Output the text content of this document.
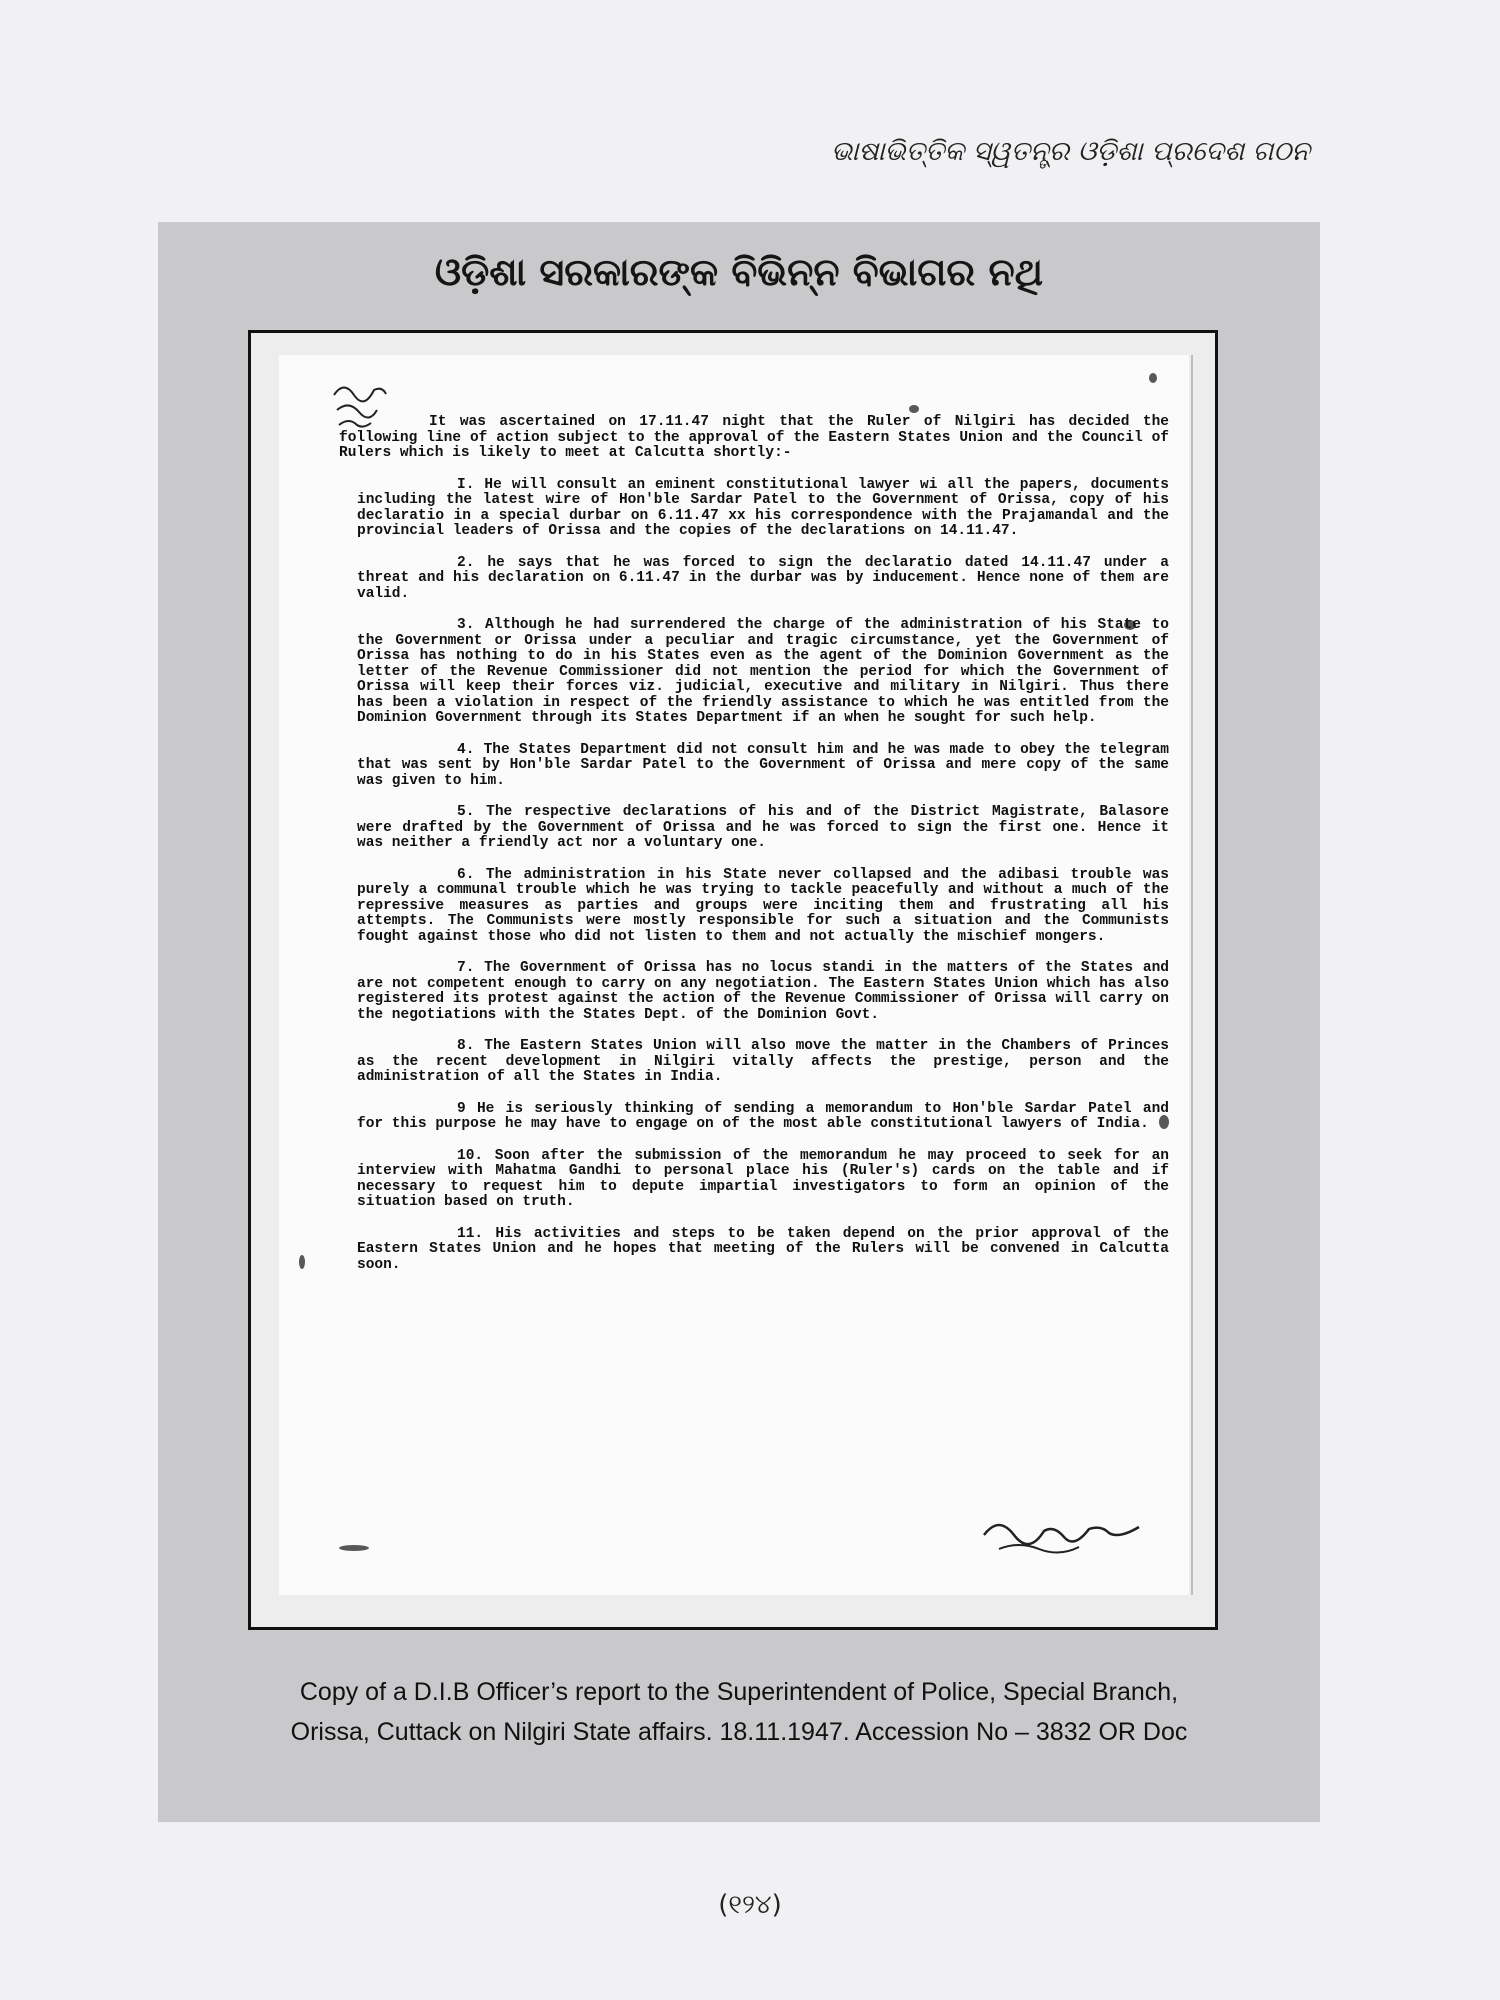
ଭାଷାଭିତ୍ତିକ ସ୍ୱତନ୍ତ୍ର ଓଡ଼ିଶା ପ୍ରଦେଶ ଗଠନ
ଓଡ଼ିଶା ସରକାରଙ୍କ ବିଭିନ୍ନ ବିଭାଗର ନଥି

It was ascertained on 17.11.47 night that the Ruler of Nilgiri has decided the following line of action subject to the approval of the Eastern States Union and the Council of Rulers which is likely to meet at Calcutta shortly:-

I. He will consult an eminent constitutional lawyer wi all the papers, documents including the latest wire of Hon'ble Sardar Patel to the Government of Orissa, copy of his declaratio in a special durbar on 6.11.47 xx his correspondence with the Prajamandal and the provincial leaders of Orissa and the copies of the declarations on 14.11.47.

2. he says that he was forced to sign the declaratio dated 14.11.47 under a threat and his declaration on 6.11.47 in the durbar was by inducement. Hence none of them are valid.

3. Although he had surrendered the charge of the administration of his State to the Government or Orissa under a peculiar and tragic circumstance, yet the Government of Orissa has nothing to do in his States even as the agent of the Dominion Government as the letter of the Revenue Commissioner did not mention the period for which the Government of Orissa will keep their forces viz. judicial, executive and military in Nilgiri. Thus there has been a violation in respect of the friendly assistance to which he was entitled from the Dominion Government through its States Department if an when he sought for such help.

4. The States Department did not consult him and he was made to obey the telegram that was sent by Hon'ble Sardar Patel to the Government of Orissa and mere copy of the same was given to him.

5. The respective declarations of his and of the District Magistrate, Balasore were drafted by the Government of Orissa and he was forced to sign the first one. Hence it was neither a friendly act nor a voluntary one.

6. The administration in his State never collapsed and the adibasi trouble was purely a communal trouble which he was trying to tackle peacefully and without a much of the repressive measures as parties and groups were inciting them and frustrating all his attempts. The Communists were mostly responsible for such a situation and the Communists fought against those who did not listen to them and not actually the mischief mongers.

7. The Government of Orissa has no locus standi in the matters of the States and are not competent enough to carry on any negotiation. The Eastern States Union which has also registered its protest against the action of the Revenue Commissioner of Orissa will carry on the negotiations with the States Dept. of the Dominion Govt.

8. The Eastern States Union will also move the matter in the Chambers of Princes as the recent development in Nilgiri vitally affects the prestige, person and the administration of all the States in India.

9 He is seriously thinking of sending a memorandum to Hon'ble Sardar Patel and for this purpose he may have to engage on of the most able constitutional lawyers of India.

10. Soon after the submission of the memorandum he may proceed to seek for an interview with Mahatma Gandhi to personal place his (Ruler's) cards on the table and if necessary to request him to depute impartial investigators to form an opinion of the situation based on truth.

11. His activities and steps to be taken depend on the prior approval of the Eastern States Union and he hopes that meeting of the Rulers will be convened in Calcutta soon.

Copy of a D.I.B Officer’s report to the Superintendent of Police, Special Branch,
Orissa, Cuttack on Nilgiri State affairs. 18.11.1947. Accession No – 3832 OR Doc
(୧୨୪)
